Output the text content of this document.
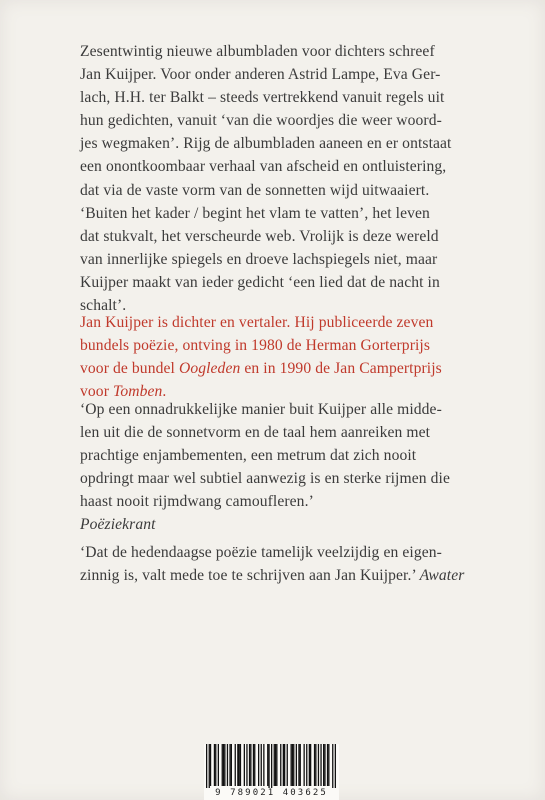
Zesentwintig nieuwe albumbladen voor dichters schreef
Jan Kuijper. Voor onder anderen Astrid Lampe, Eva Ger-
lach, H.H. ter Balkt – steeds vertrekkend vanuit regels uit
hun gedichten, vanuit ‘van die woordjes die weer woord-
jes wegmaken’. Rijg de albumbladen aaneen en er ontstaat
een onontkoombaar verhaal van afscheid en ontluistering,
dat via de vaste vorm van de sonnetten wijd uitwaaiert.
‘Buiten het kader / begint het vlam te vatten’, het leven
dat stukvalt, het verscheurde web. Vrolijk is deze wereld
van innerlijke spiegels en droeve lachspiegels niet, maar
Kuijper maakt van ieder gedicht ‘een lied dat de nacht in
schalt’.

Jan Kuijper is dichter en vertaler. Hij publiceerde zeven
bundels poëzie, ontving in 1980 de Herman Gorterprijs
voor de bundel Oogleden en in 1990 de Jan Campertprijs
voor Tomben.

‘Op een onnadrukkelijke manier buit Kuijper alle midde-
len uit die de sonnetvorm en de taal hem aanreiken met
prachtige enjambementen, een metrum dat zich nooit
opdringt maar wel subtiel aanwezig is en sterke rijmen die
haast nooit rijmdwang camoufleren.’

Poëziekrant

‘Dat de hedendaagse poëzie tamelijk veelzijdig en eigen-
zinnig is, valt mede toe te schrijven aan Jan Kuijper.’ Awater

9 789021 403625
